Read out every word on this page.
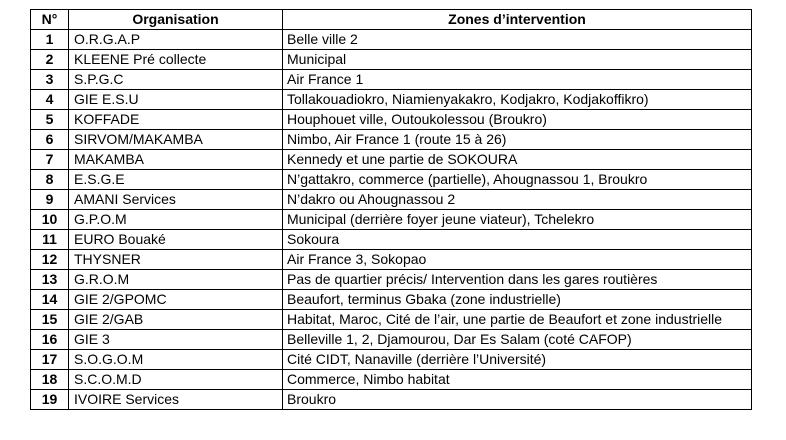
N°	Organisation	Zones d’intervention
1	O.R.G.A.P	Belle ville 2
2	KLEENE Pré collecte	Municipal
3	S.P.G.C	Air France 1
4	GIE E.S.U	Tollakouadiokro, Niamienyakakro, Kodjakro, Kodjakoffikro)
5	KOFFADE	Houphouet ville, Outoukolessou (Broukro)
6	SIRVOM/MAKAMBA	Nimbo, Air France 1 (route 15 à 26)
7	MAKAMBA	Kennedy et une partie de SOKOURA
8	E.S.G.E	N’gattakro, commerce (partielle), Ahougnassou 1, Broukro
9	AMANI Services	N’dakro ou Ahougnassou 2
10	G.P.O.M	Municipal (derrière foyer jeune viateur), Tchelekro
11	EURO Bouaké	Sokoura
12	THYSNER	Air France 3, Sokopao
13	G.R.O.M	Pas de quartier précis/ Intervention dans les gares routières
14	GIE 2/GPOMC	Beaufort, terminus Gbaka (zone industrielle)
15	GIE 2/GAB	Habitat, Maroc, Cité de l’air, une partie de Beaufort et zone industrielle
16	GIE 3	Belleville 1, 2, Djamourou, Dar Es Salam (coté CAFOP)
17	S.O.G.O.M	Cité CIDT, Nanaville (derrière l’Université)
18	S.C.O.M.D	Commerce, Nimbo habitat
19	IVOIRE Services	Broukro
